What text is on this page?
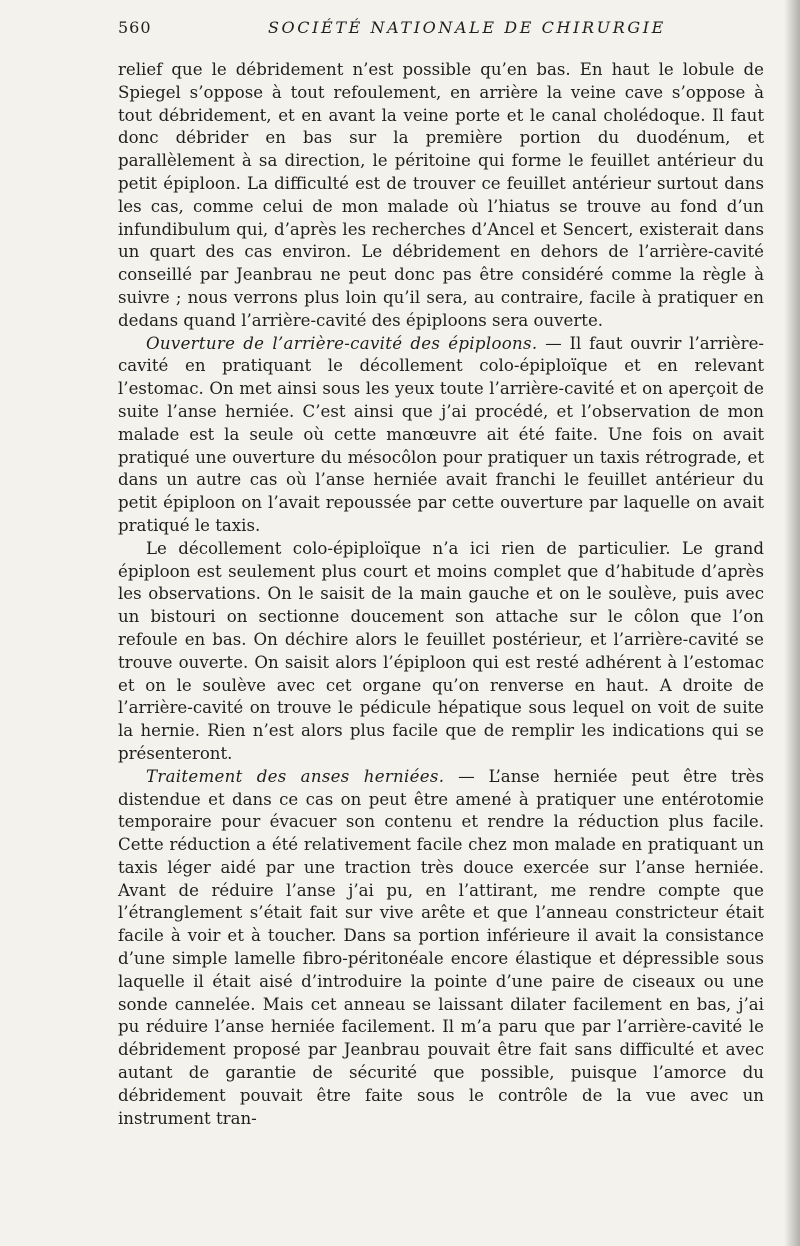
560	SOCIÉTÉ NATIONALE DE CHIRURGIE

relief que le débridement n’est possible qu’en bas. En haut le lobule de Spiegel s’oppose à tout refoulement, en arrière la veine cave s’oppose à tout débridement, et en avant la veine porte et le canal cholédoque. Il faut donc débrider en bas sur la première portion du duodénum, et parallèlement à sa direction, le péritoine qui forme le feuillet antérieur du petit épiploon. La difficulté est de trouver ce feuillet antérieur surtout dans les cas, comme celui de mon malade où l’hiatus se trouve au fond d’un infundibulum qui, d’après les recherches d’Ancel et Sencert, existerait dans un quart des cas environ. Le débridement en dehors de l’arrière-cavité conseillé par Jeanbrau ne peut donc pas être considéré comme la règle à suivre ; nous verrons plus loin qu’il sera, au contraire, facile à pratiquer en dedans quand l’arrière-cavité des épiploons sera ouverte.

Ouverture de l’arrière-cavité des épiploons. — Il faut ouvrir l’arrière-cavité en pratiquant le décollement colo-épiploïque et en relevant l’estomac. On met ainsi sous les yeux toute l’arrière-cavité et on aperçoit de suite l’anse herniée. C’est ainsi que j’ai procédé, et l’observation de mon malade est la seule où cette manœuvre ait été faite. Une fois on avait pratiqué une ouverture du mésocôlon pour pratiquer un taxis rétrograde, et dans un autre cas où l’anse herniée avait franchi le feuillet antérieur du petit épiploon on l’avait repoussée par cette ouverture par laquelle on avait pratiqué le taxis.

Le décollement colo-épiploïque n’a ici rien de particulier. Le grand épiploon est seulement plus court et moins complet que d’habitude d’après les observations. On le saisit de la main gauche et on le soulève, puis avec un bistouri on sectionne doucement son attache sur le côlon que l’on refoule en bas. On déchire alors le feuillet postérieur, et l’arrière-cavité se trouve ouverte. On saisit alors l’épiploon qui est resté adhérent à l’estomac et on le soulève avec cet organe qu’on renverse en haut. A droite de l’arrière-cavité on trouve le pédicule hépatique sous lequel on voit de suite la hernie. Rien n’est alors plus facile que de remplir les indications qui se présenteront.

Traitement des anses herniées. — L’anse herniée peut être très distendue et dans ce cas on peut être amené à pratiquer une entérotomie temporaire pour évacuer son contenu et rendre la réduction plus facile. Cette réduction a été relativement facile chez mon malade en pratiquant un taxis léger aidé par une traction très douce exercée sur l’anse herniée. Avant de réduire l’anse j’ai pu, en l’attirant, me rendre compte que l’étranglement s’était fait sur vive arête et que l’anneau constricteur était facile à voir et à toucher. Dans sa portion inférieure il avait la consistance d’une simple lamelle fibro-péritonéale encore élastique et dépressible sous laquelle il était aisé d’introduire la pointe d’une paire de ciseaux ou une sonde cannelée. Mais cet anneau se laissant dilater facilement en bas, j’ai pu réduire l’anse herniée facilement. Il m’a paru que par l’arrière-cavité le débridement proposé par Jeanbrau pouvait être fait sans difficulté et avec autant de garantie de sécurité que possible, puisque l’amorce du débridement pouvait être faite sous le contrôle de la vue avec un instrument tran-
